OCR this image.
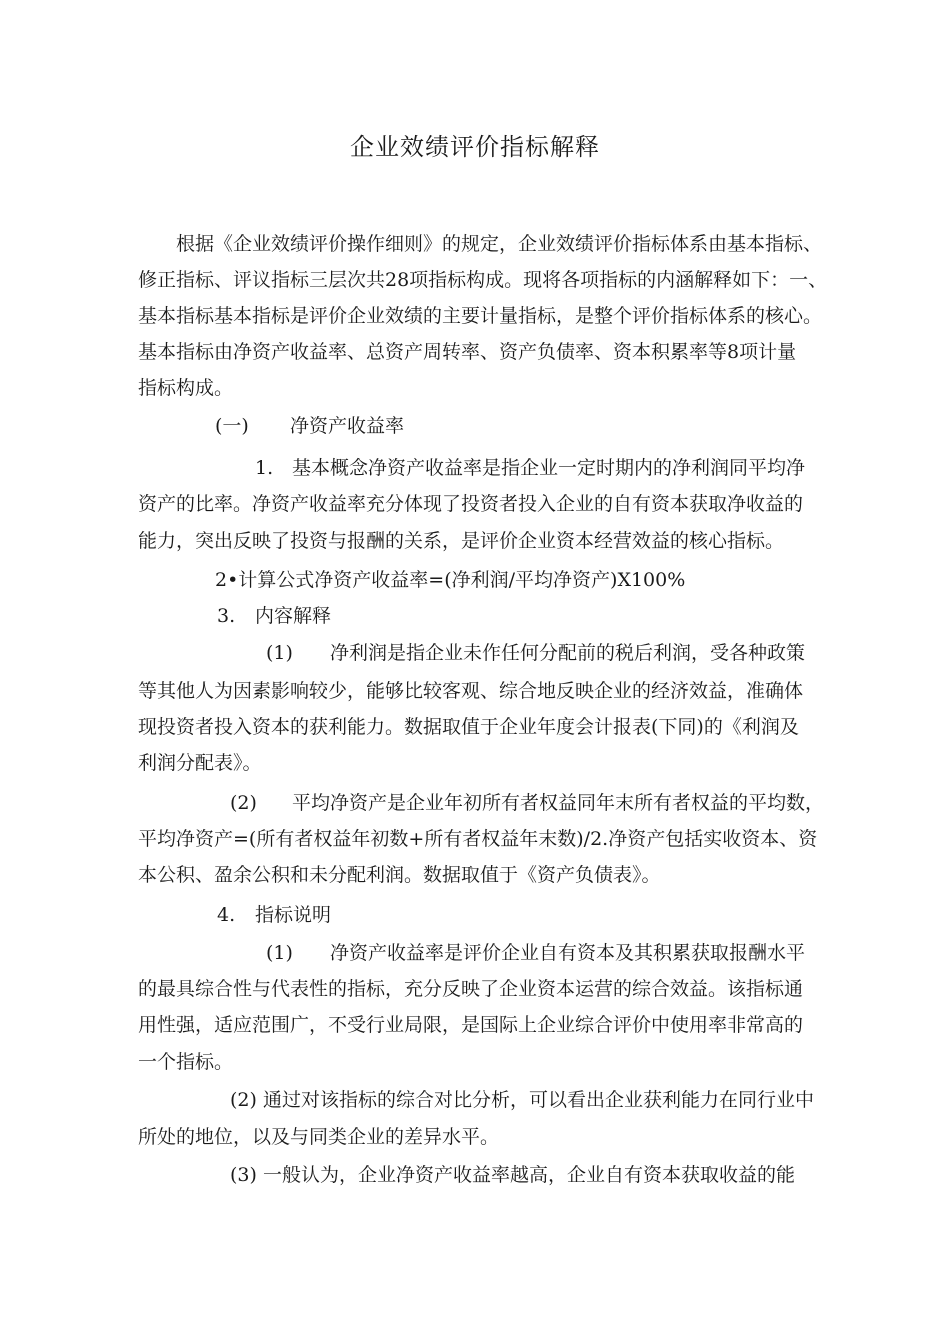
企业效绩评价指标解释
根据《企业效绩评价操作细则》的规定，企业效绩评价指标体系由基本指标、
修正指标、评议指标三层次共28项指标构成。现将各项指标的内涵解释如下：一、
基本指标基本指标是评价企业效绩的主要计量指标，是整个评价指标体系的核心。
基本指标由净资产收益率、总资产周转率、资产负债率、资本积累率等8项计量
指标构成。
(一) 净资产收益率
1. 基本概念净资产收益率是指企业一定时期内的净利润同平均净
资产的比率。净资产收益率充分体现了投资者投入企业的自有资本获取净收益的
能力，突出反映了投资与报酬的关系，是评价企业资本经营效益的核心指标。
2•计算公式净资产收益率=(净利润/平均净资产)X100%
3. 内容解释
(1) 净利润是指企业未作任何分配前的税后利润，受各种政策
等其他人为因素影响较少，能够比较客观、综合地反映企业的经济效益，准确体
现投资者投入资本的获利能力。数据取值于企业年度会计报表(下同)的《利润及
利润分配表》。
(2) 平均净资产是企业年初所有者权益同年末所有者权益的平均数，
平均净资产=(所有者权益年初数+所有者权益年末数)/2.净资产包括实收资本、资
本公积、盈余公积和未分配利润。数据取值于《资产负债表》。
4. 指标说明
(1) 净资产收益率是评价企业自有资本及其积累获取报酬水平
的最具综合性与代表性的指标，充分反映了企业资本运营的综合效益。该指标通
用性强，适应范围广，不受行业局限，是国际上企业综合评价中使用率非常高的
一个指标。
(2) 通过对该指标的综合对比分析，可以看出企业获利能力在同行业中
所处的地位，以及与同类企业的差异水平。
(3) 一般认为，企业净资产收益率越高，企业自有资本获取收益的能
